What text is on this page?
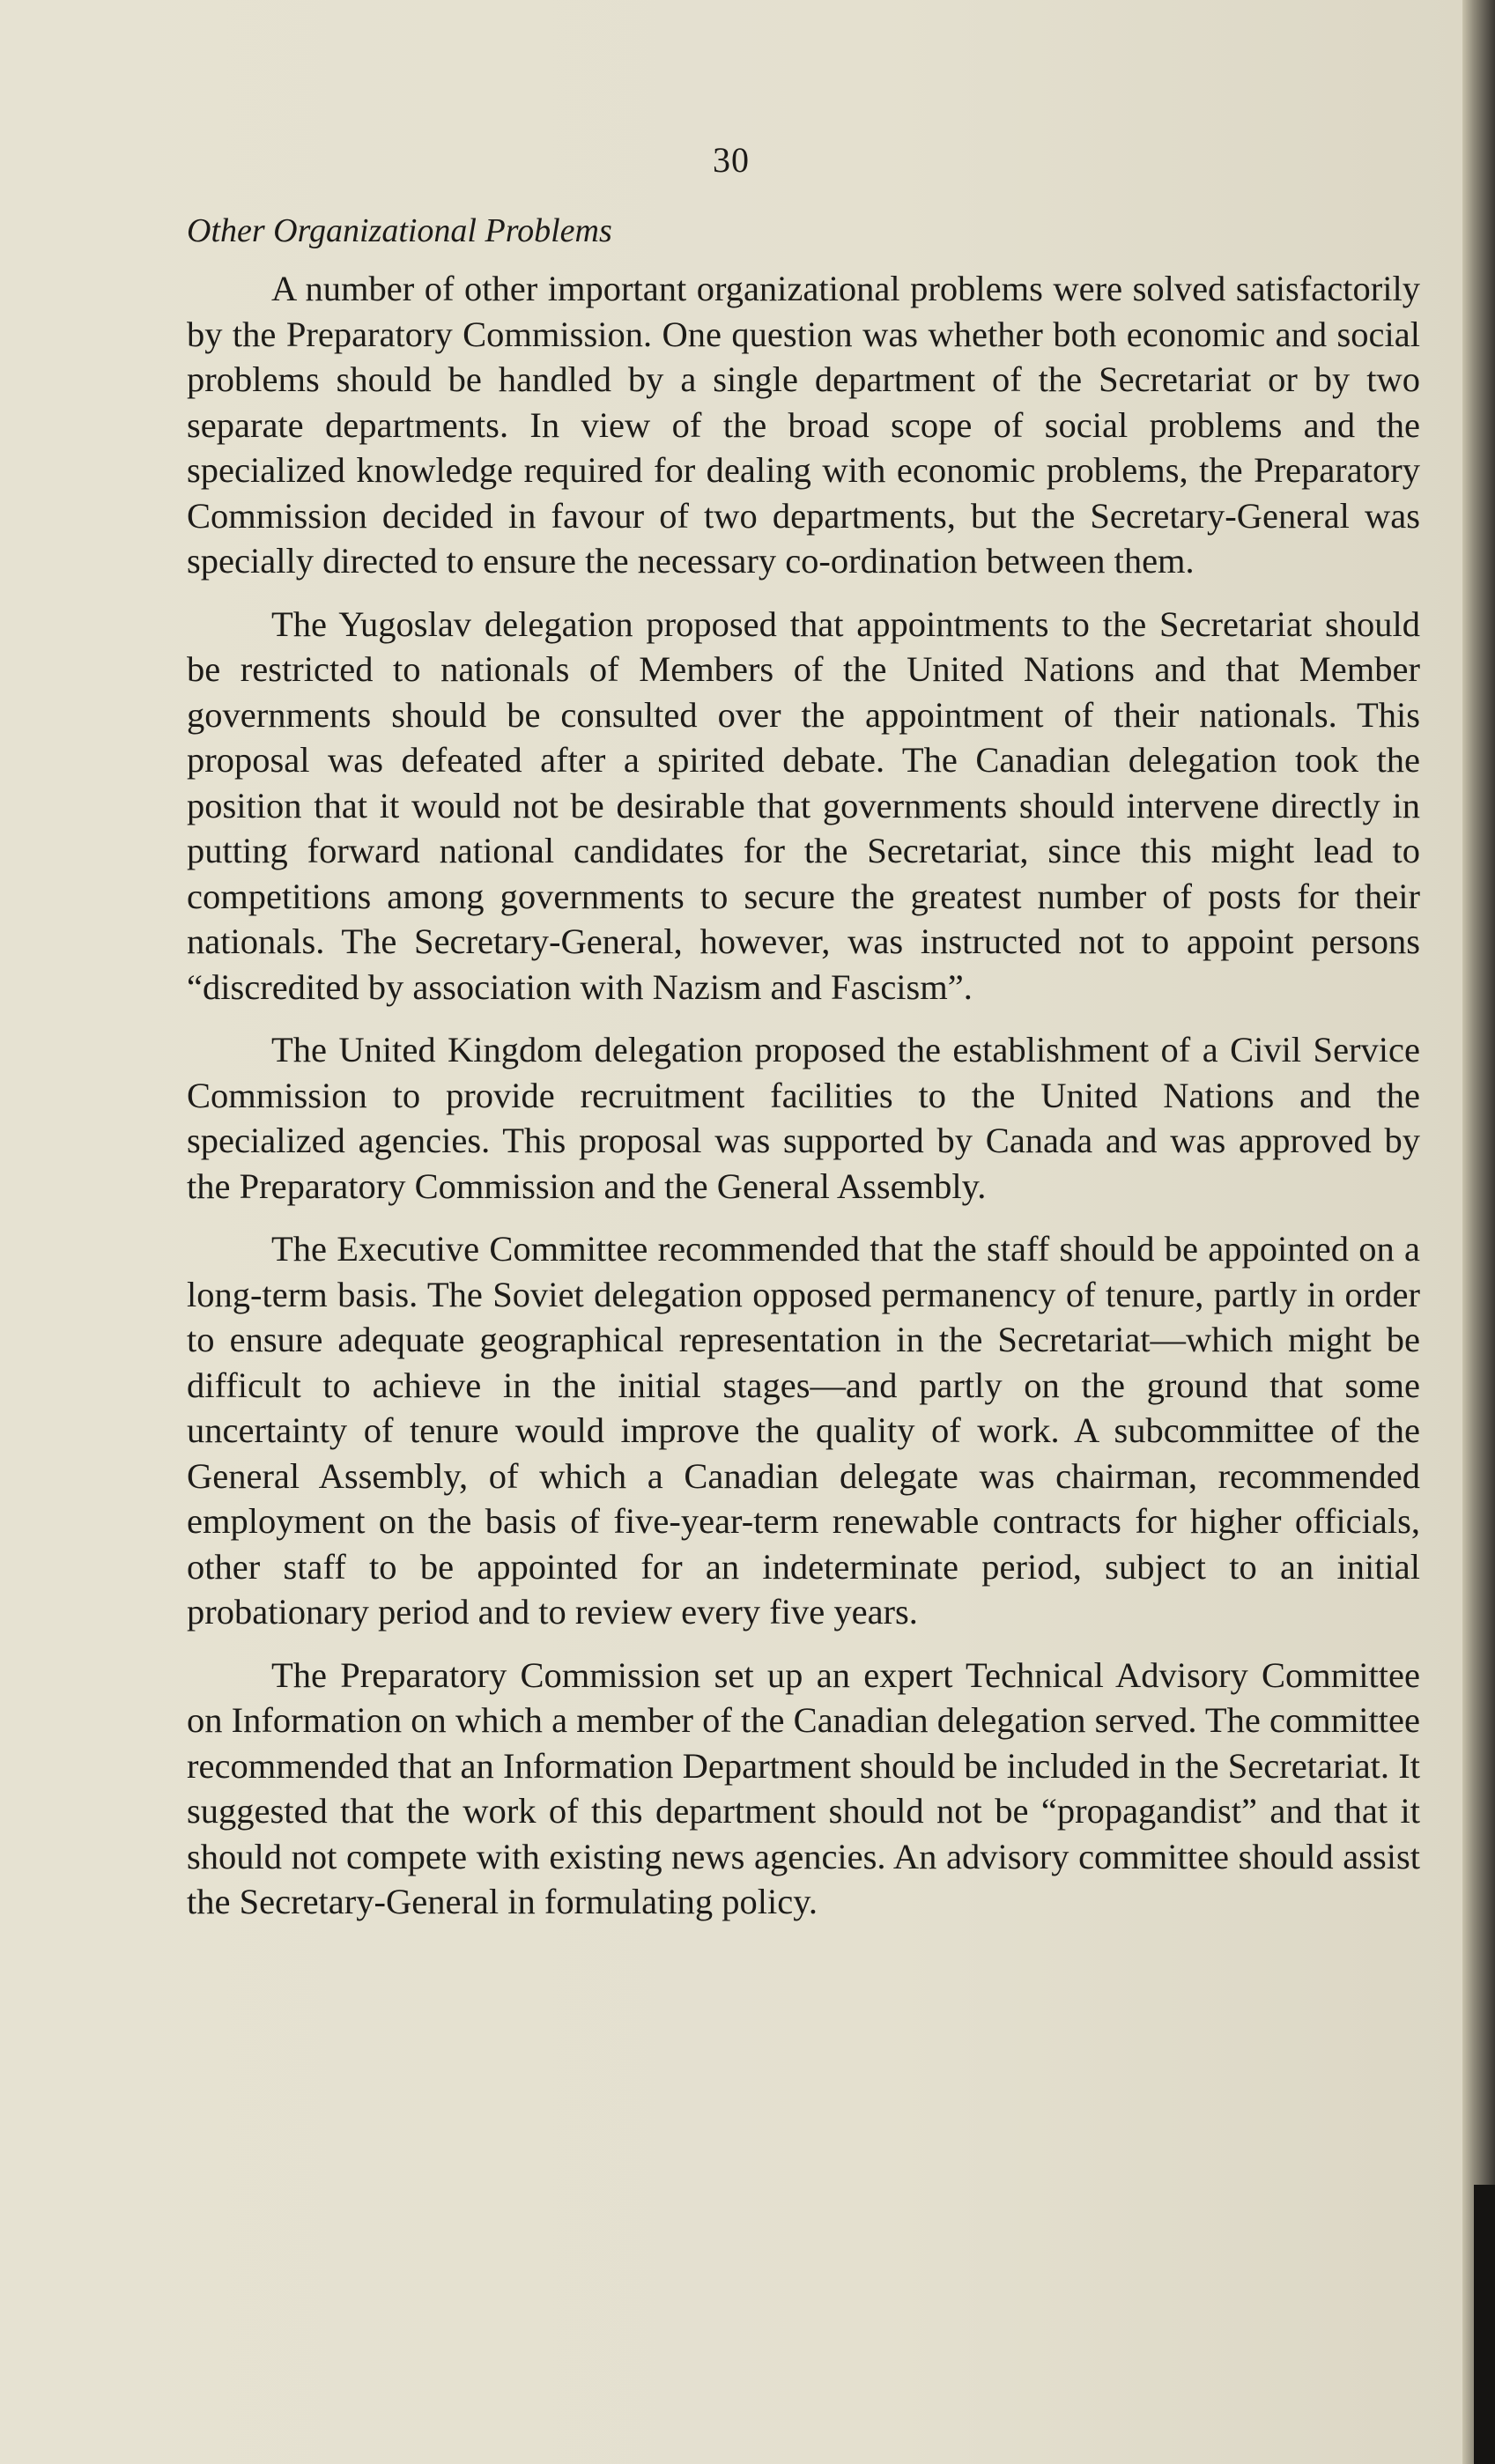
30
Other Organizational Problems

A number of other important organizational problems were solved satisfactorily by the Preparatory Commission. One question was whether both economic and social problems should be handled by a single department of the Secretariat or by two separate departments. In view of the broad scope of social problems and the specialized knowledge required for dealing with economic problems, the Preparatory Commission decided in favour of two departments, but the Secretary-General was specially directed to ensure the necessary co-ordination between them.

The Yugoslav delegation proposed that appointments to the Secretariat should be restricted to nationals of Members of the United Nations and that Member governments should be consulted over the appointment of their nationals. This proposal was defeated after a spirited debate. The Canadian delegation took the position that it would not be desirable that governments should intervene directly in putting forward national candidates for the Secretariat, since this might lead to competitions among governments to secure the greatest number of posts for their nationals. The Secretary-General, however, was instructed not to appoint persons “discredited by association with Nazism and Fascism”.

The United Kingdom delegation proposed the establishment of a Civil Service Commission to provide recruitment facilities to the United Nations and the specialized agencies. This proposal was supported by Canada and was approved by the Preparatory Commission and the General Assembly.

The Executive Committee recommended that the staff should be appointed on a long-term basis. The Soviet delegation opposed permanency of tenure, partly in order to ensure adequate geographical representation in the Secretariat—which might be difficult to achieve in the initial stages—and partly on the ground that some uncertainty of tenure would improve the quality of work. A subcommittee of the General Assembly, of which a Canadian delegate was chairman, recommended employment on the basis of five-year-term renewable contracts for higher officials, other staff to be appointed for an indeterminate period, subject to an initial probationary period and to review every five years.

The Preparatory Commission set up an expert Technical Advisory Committee on Information on which a member of the Canadian delegation served. The committee recommended that an Information Department should be included in the Secretariat. It suggested that the work of this department should not be “propagandist” and that it should not compete with existing news agencies. An advisory committee should assist the Secretary-General in formulating policy.
